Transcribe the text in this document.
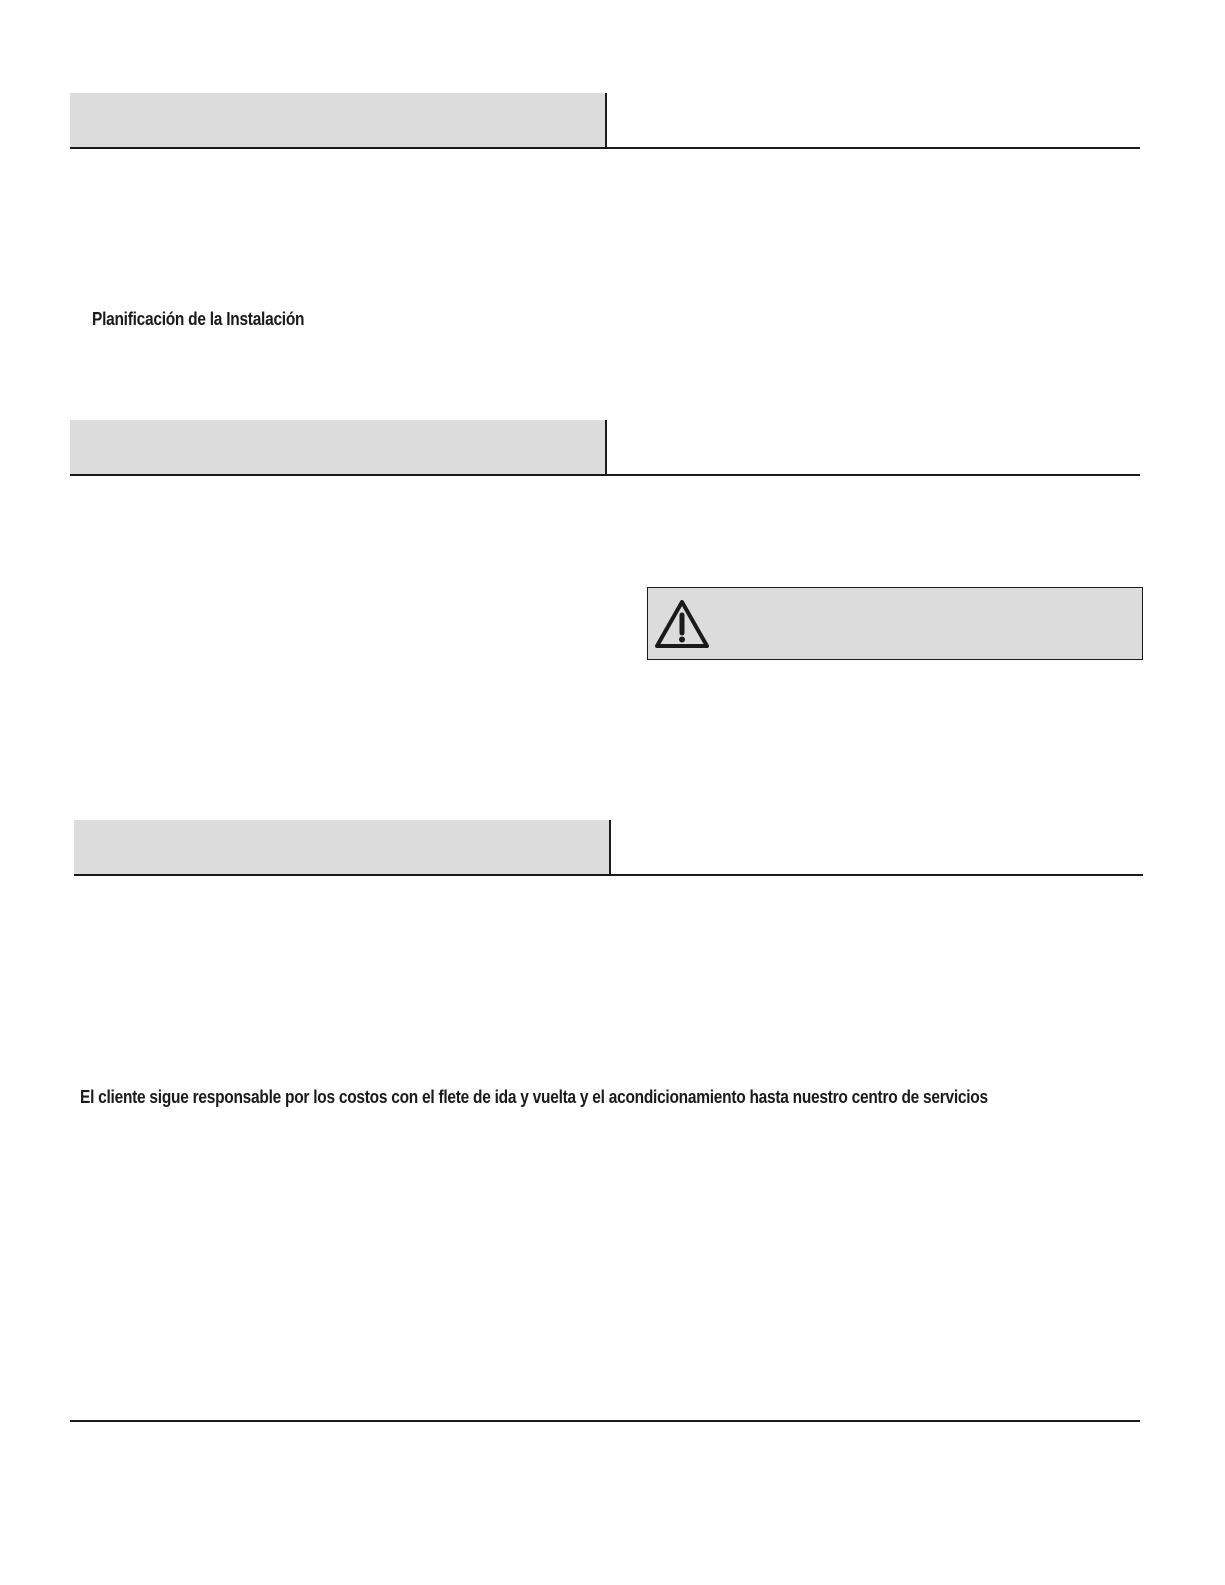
Planificación de la Instalación
El cliente sigue responsable por los costos con el flete de ida y vuelta y el acondicionamiento hasta nuestro centro de servicios
